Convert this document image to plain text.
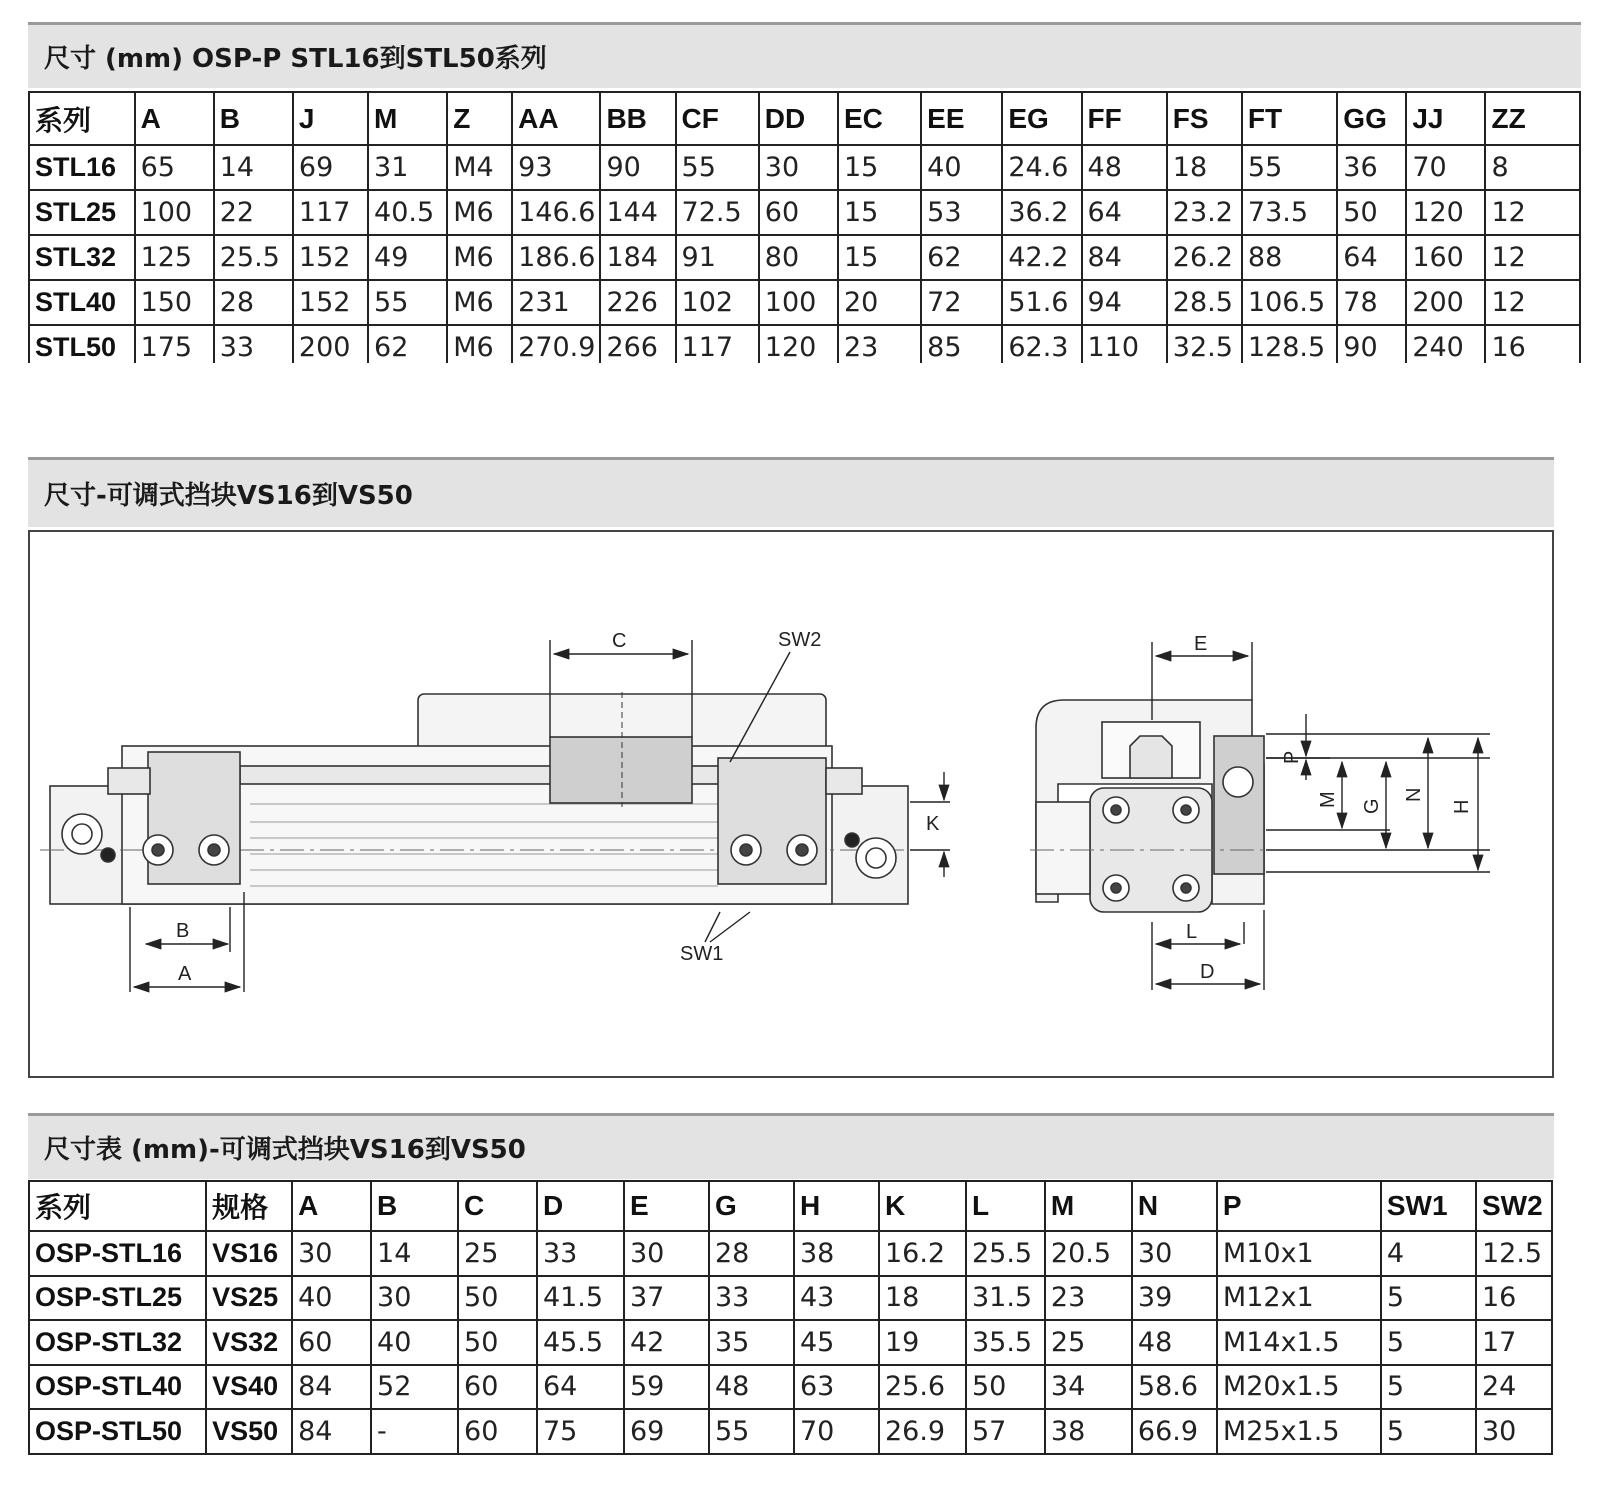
尺寸 (mm) OSP-P STL16到STL50系列
系列	A	B	J	M	Z	AA	BB	CF	DD	EC	EE	EG	FF	FS	FT	GG	JJ	ZZ
STL16	65	14	69	31	M4	93	90	55	30	15	40	24.6	48	18	55	36	70	8
STL25	100	22	117	40.5	M6	146.6	144	72.5	60	15	53	36.2	64	23.2	73.5	50	120	12
STL32	125	25.5	152	49	M6	186.6	184	91	80	15	62	42.2	84	26.2	88	64	160	12
STL40	150	28	152	55	M6	231	226	102	100	20	72	51.6	94	28.5	106.5	78	200	12
STL50	175	33	200	62	M6	270.9	266	117	120	23	85	62.3	110	32.5	128.5	90	240	16
尺寸-可调式挡块VS16到VS50
C	SW2
SW1
B
A
K
E
P
M G
N
H
L
D
尺寸表 (mm)-可调式挡块VS16到VS50
系列	规格	A	B	C	D	E	G	H	K	L	M	N	P	SW1	SW2
OSP-STL16	VS16	30	14	25	33	30	28	38	16.2	25.5	20.5	30	M10x1	4	12.5
OSP-STL25	VS25	40	30	50	41.5	37	33	43	18	31.5	23	39	M12x1	5	16
OSP-STL32	VS32	60	40	50	45.5	42	35	45	19	35.5	25	48	M14x1.5	5	17
OSP-STL40	VS40	84	52	60	64	59	48	63	25.6	50	34	58.6	M20x1.5	5	24
OSP-STL50	VS50	84	-	60	75	69	55	70	26.9	57	38	66.9	M25x1.5	5	30
